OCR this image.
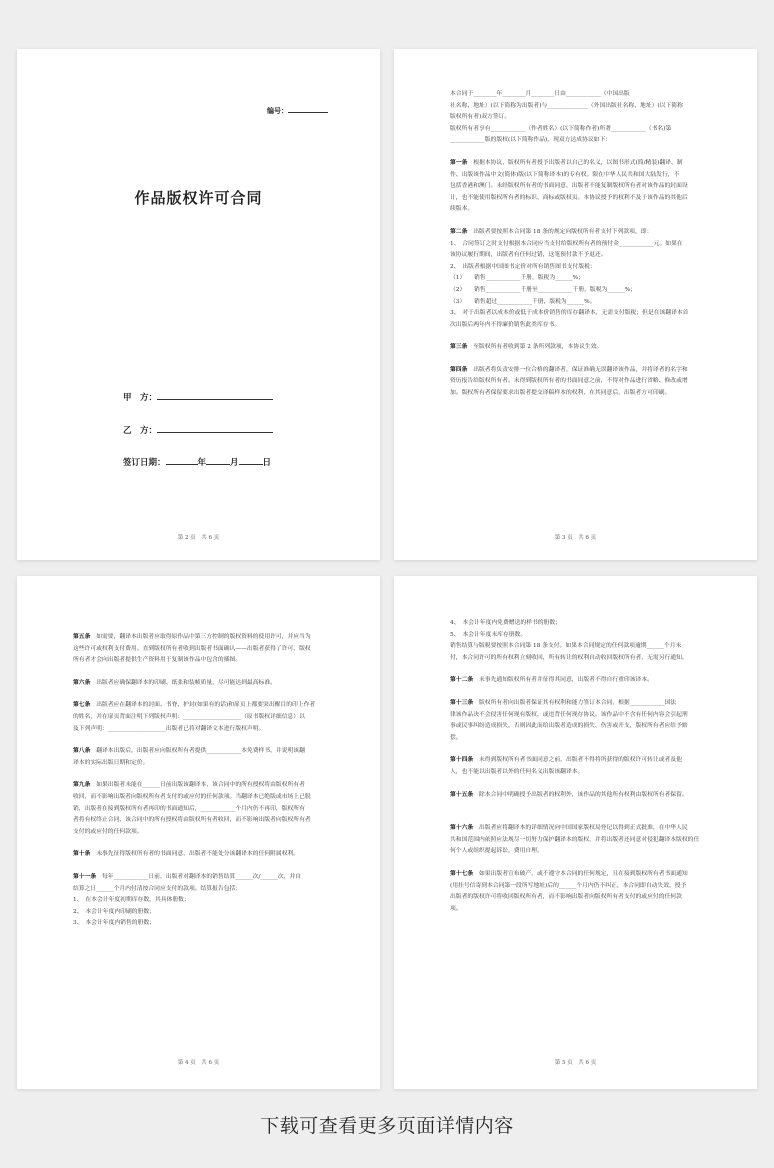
编号：
作品版权许可合同
甲　方：
乙　方：
签订日期：	年	月	日
第 2 页　共 6 页

本合同于________年________月________日由____________（中国出版

社名称、地址）(以下简称为出版者)与______________（外国出版社名称、地址）(以下简称

版权所有者)双方签订。

版权所有者享有____________（作者姓名）(以下简称作者)所著____________（书名)第

____________版的版权(以下简称作品)，现双方达成协议如下：

第一条　根据本协议，版权所有者授予出版者以自己的名义，以图书形式(简/精装)翻译、制

作、出版该作品中文(简体)版(以下简称译本)的专有权。限在中华人民共和国大陆发行，不

包括香港和澳门。未经版权所有者的书面同意，出版者不能复制版权所有者对该作品的封面设

计，也不能使用版权所有者的标识、商标或版权页。本协议授予的权利不及于该作品的其他后

续版本。

第二条　出版者要按照本合同第 18 条的规定向版权所有者支付下列款项，即：

1、　合同签订之时支付根据本合同应当支付给版权所有者的预付金____________元。如果在

该协议履行期间，出版者有任何过错，这笔预付款不予退还。

2、　出版者根据中国图书定价对所有销售图书支付版税：

（1）　　销售____________千册，版税为______%；

（2）　　销售____________千册至____________千册，版税为______%；

（3）　　销售超过____________千册，版税为______%。

3、　对于出版者以成本价或低于成本价销售的库存翻译本，无需支付版税；但是在该翻译本首

次出版后两年内不得廉价销售此类库存书。

第三条　至版权所有者收到第 2 条所列款项，本协议生效。

第四条　出版者将负责安排一位合格的翻译者，保证准确无误翻译该作品，并将译者的名字和

资历报告给版权所有者。未得到版权所有者的书面同意之前，不得对作品进行省略、修改或增

加。版权所有者保留要求出版者提交译稿样本的权利，在其同意后，出版者方可印刷。

第 3 页　共 6 页

第五条　如需要，翻译本出版者应取得原作品中第三方控制的版权资料的使用许可，并应当为

这些许可或权利支付费用。直到版权所有者收到出版者书面确认——出版者获得了许可，版权

所有者才会向出版者提供生产资料用于复制该作品中包含的插图。

第六条　出版者应确保翻译本的印刷、纸张和装帧质量，尽可能达到最高标准。

第七条　出版者应在翻译本的封面、书脊、护封(如果有的话)和扉页上都要突出醒目的印上作者

的姓名，并在扉页背面注明下列版权声明：____________________（原书版权详细信息）以

及下列声明：____________________出版者已将对翻译文本进行版权声明。

第八条　翻译本出版后，出版者应向版权所有者提供____________本免费样书，并说明该翻

译本的实际出版日期和定价。

第九条　如果出版者未能在______日前出版该翻译本，该合同中的所有授权将由版权所有者

收回，而不影响出版者向版权所有者支付的或应付的任何款项。当翻译本已绝版或市场上已脱

销，出版者在接到版权所有者再印的书面通知后，____________个月内仍不再印，版权所有

者将有权终止合同，该合同中的所有授权将由版权所有者收回，而不影响出版者向版权所有者

支付的或应付的任何款项。

第十条　未事先征得版权所有者的书面同意，出版者不能处分该翻译本的任何附属权利。

第十一条　每年____________日前，出版者对翻译本的销售结算______次/______次，并自

结算之日______个月内付清按合同应支付的款项。结算报告包括：

1、　在本会计年度初期库存数，其具体册数；

2、　本会计年度内印刷的册数；

3、　本会计年度内销售的册数；

第 4 页　共 6 页

4、　本会计年度内免费赠送的样书的册数；

5、　本会计年度末库存册数。

销售结算与版税要按照本合同第 18 条支付。如果本合同规定的任何款项逾期______个月未

付，本合同许可的所有权利立刻收回，所有转让的权利自动收回版权所有者，无需另行通知。

第十二条　未事先通知版权所有者并征得其同意，出版者不得自行重印该译本。

第十三条　版权所有者向出版者保证其有权利和能力签订本合同，根据____________国法

律该作品决不会侵害任何现有版权，或违背任何现存协议。该作品中不含有任何内容会引起刑

事或民事纠纷造成损失，否则因此而给出版者造成的损失、伤害或开支，版权所有者应给予赔

偿。

第十四条　未得到版权所有者书面同意之前，出版者不得将所获得的版权许可转让或者及他

人，也不能以出版者以外的任何名义出版该翻译本。

第十五条　除本合同中明确授予出版者的权利外，该作品的其他所有权利由版权所有者保留。

第十六条　出版者应将翻译本的详细情况向中国国家版权局登记以得到正式批准，在中华人民

共和国范围内依照应法规尽一切努力保护翻译本的版权，并将出版者还同意对侵犯翻译本版权的任

何个人或组织提起诉讼，费用自理。

第十七条　如果出版者宣布破产，或不遵守本合同的任何规定，且在接到版权所有者书面通知

(用挂号信寄到本合同第一段所写地址)后的______个月内仍不纠正，本合同即自动失效，授予

出版者的版权许可将收回版权所有者，而不影响出版者向版权所有者支付的或应付的任何款

项。

第 5 页　共 6 页
下载可查看更多页面详情内容
